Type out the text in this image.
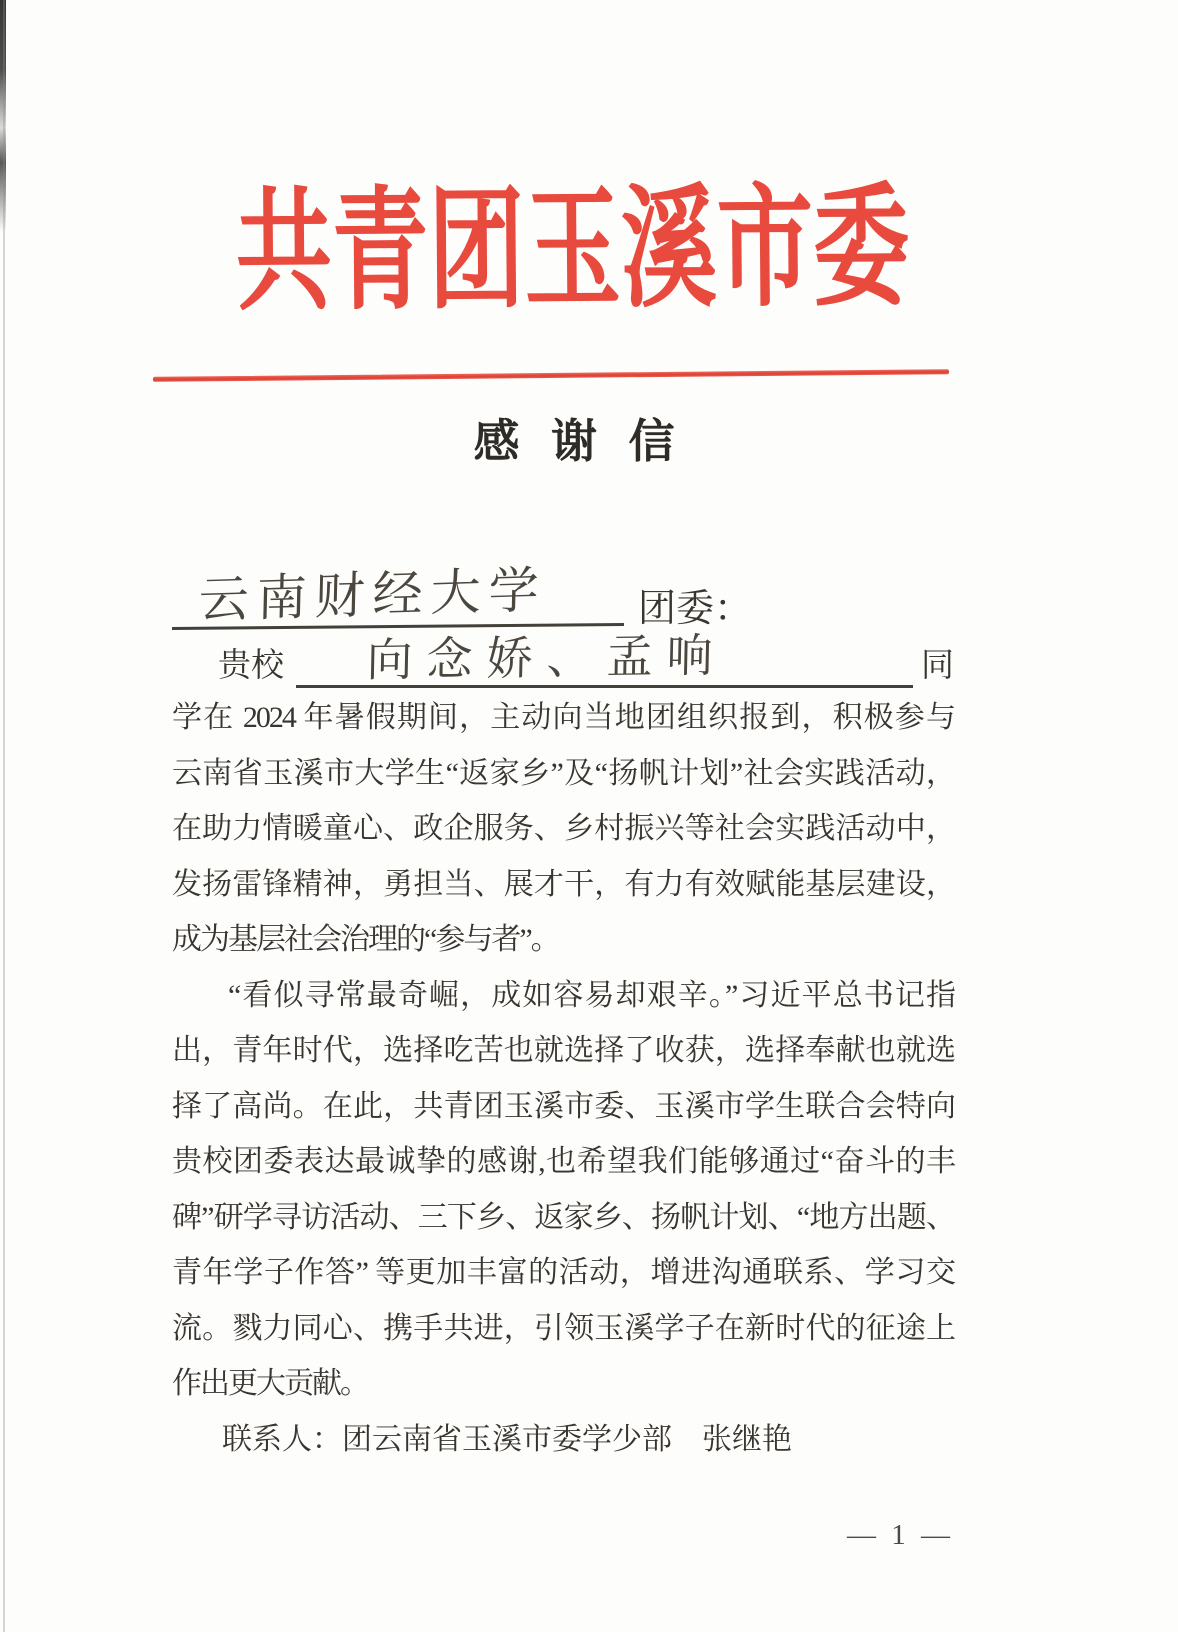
共青团玉溪市委
感 谢 信
云南财经大学	团委：
贵校	向念娇、孟响	同

学在 2024 年暑假期间，主动向当地团组织报到，积极参与

云南省玉溪市大学生“返家乡”及“扬帆计划”社会实践活动，

在助力情暖童心、政企服务、乡村振兴等社会实践活动中，

发扬雷锋精神，勇担当、展才干，有力有效赋能基层建设，

成为基层社会治理的“参与者”。

“看似寻常最奇崛，成如容易却艰辛。”习近平总书记指

出，青年时代，选择吃苦也就选择了收获，选择奉献也就选

择了高尚。在此，共青团玉溪市委、玉溪市学生联合会特向

贵校团委表达最诚挚的感谢,也希望我们能够通过“奋斗的丰

碑”研学寻访活动、三下乡、返家乡、扬帆计划、“地方出题、

青年学子作答” 等更加丰富的活动，增进沟通联系、学习交

流。戮力同心、携手共进，引领玉溪学子在新时代的征途上

作出更大贡献。

联系人：团云南省玉溪市委学少部　张继艳

— 1 —
